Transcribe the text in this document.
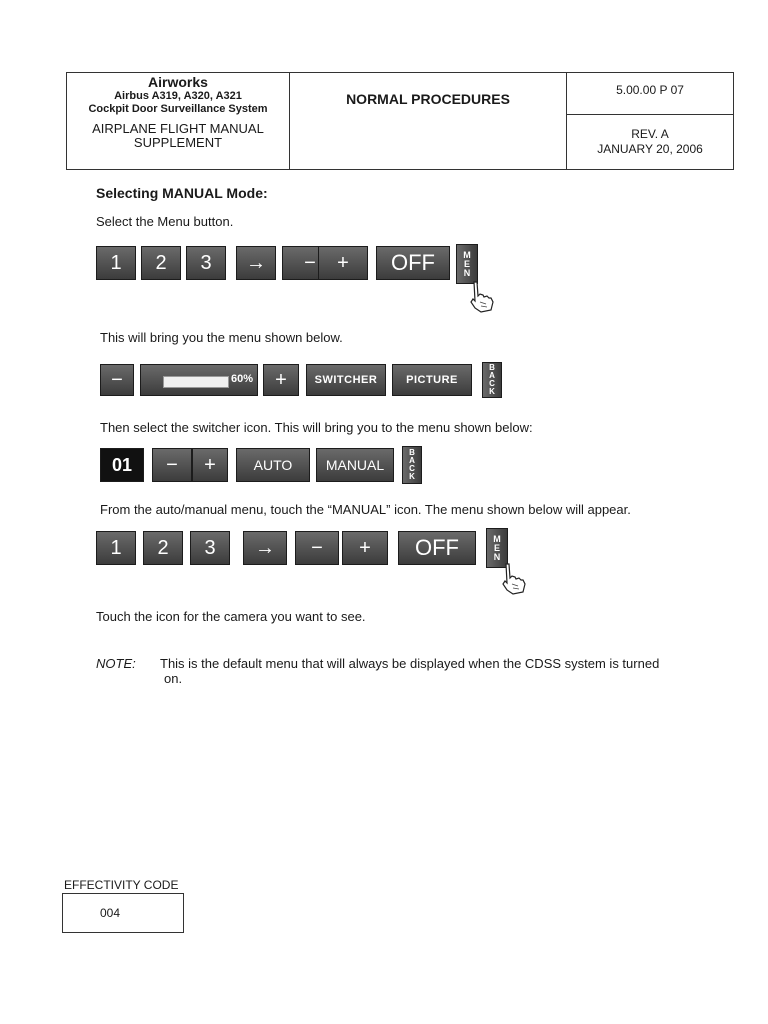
Airworks
Airbus A319, A320, A321
Cockpit Door Surveillance System
AIRPLANE FLIGHT MANUAL
SUPPLEMENT
NORMAL PROCEDURES
5.00.00 P 07
REV. A
JANUARY 20, 2006
Selecting MANUAL Mode:
Select the Menu button.
1	2	3	→	−	+	OFF	M
E
N
This will bring you the menu shown below.
−	60%	+	SWITCHER	PICTURE
B
A
C
K
Then select the switcher icon. This will bring you to the menu shown below:
01	−	+	AUTO	MANUAL
B
A
C
K
From the auto/manual menu, touch the “MANUAL” icon. The menu shown below will appear.
1	2	3	→	−	+	OFF	M
E
N
Touch the icon for the camera you want to see.
NOTE: This is the default menu that will always be displayed when the CDSS system is turned
on.
EFFECTIVITY CODE
004
